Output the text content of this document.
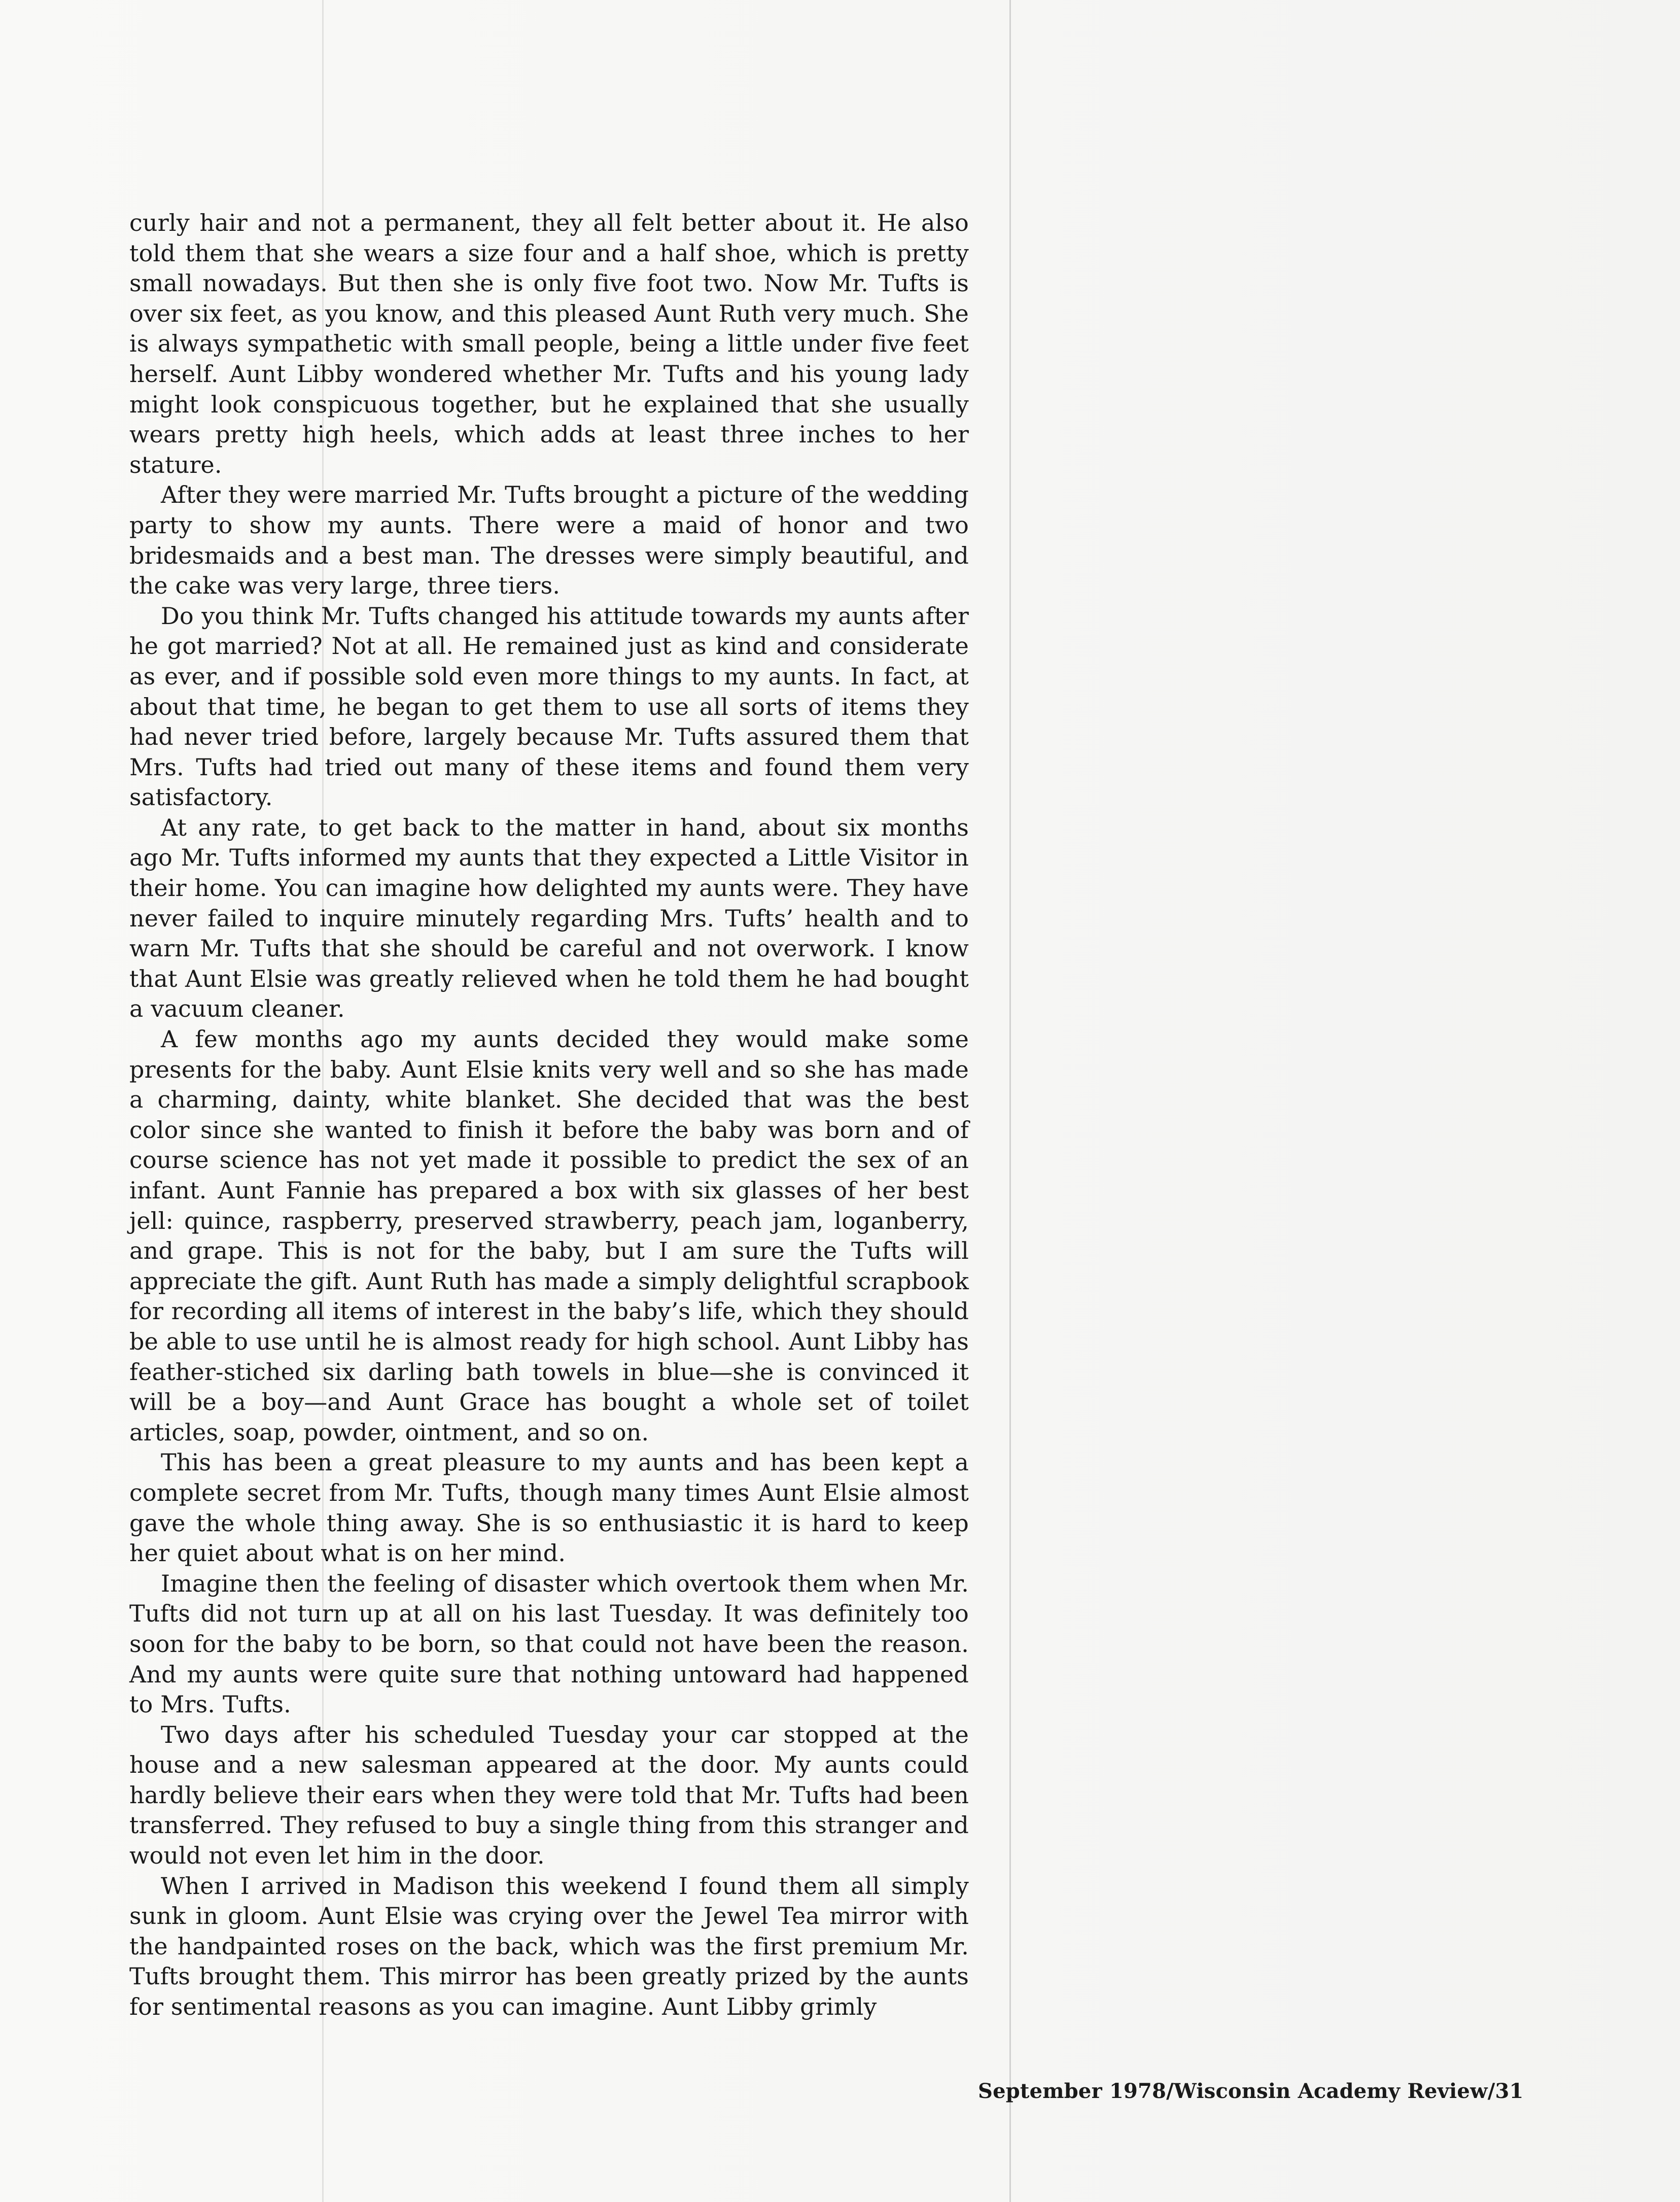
curly hair and not a permanent, they all felt better about it. He also told them that she wears a size four and a half shoe, which is pretty small nowadays. But then she is only five foot two. Now Mr. Tufts is over six feet, as you know, and this pleased Aunt Ruth very much. She is always sympathetic with small people, being a little under five feet herself. Aunt Libby wondered whether Mr. Tufts and his young lady might look conspicuous together, but he explained that she usually wears pretty high heels, which adds at least three inches to her stature.

After they were married Mr. Tufts brought a picture of the wedding party to show my aunts. There were a maid of honor and two bridesmaids and a best man. The dresses were simply beautiful, and the cake was very large, three tiers.

Do you think Mr. Tufts changed his attitude towards my aunts after he got married? Not at all. He remained just as kind and considerate as ever, and if possible sold even more things to my aunts. In fact, at about that time, he began to get them to use all sorts of items they had never tried before, largely because Mr. Tufts assured them that Mrs. Tufts had tried out many of these items and found them very satisfactory.

At any rate, to get back to the matter in hand, about six months ago Mr. Tufts informed my aunts that they expected a Little Visitor in their home. You can imagine how delighted my aunts were. They have never failed to inquire minutely regarding Mrs. Tufts’ health and to warn Mr. Tufts that she should be careful and not overwork. I know that Aunt Elsie was greatly relieved when he told them he had bought a vacuum cleaner.

A few months ago my aunts decided they would make some presents for the baby. Aunt Elsie knits very well and so she has made a charming, dainty, white blanket. She decided that was the best color since she wanted to finish it before the baby was born and of course science has not yet made it possible to predict the sex of an infant. Aunt Fannie has prepared a box with six glasses of her best jell: quince, raspberry, preserved strawberry, peach jam, loganberry, and grape. This is not for the baby, but I am sure the Tufts will appreciate the gift. Aunt Ruth has made a simply delightful scrapbook for recording all items of interest in the baby’s life, which they should be able to use until he is almost ready for high school. Aunt Libby has feather-stiched six darling bath towels in blue—she is convinced it will be a boy—and Aunt Grace has bought a whole set of toilet articles, soap, powder, ointment, and so on.

This has been a great pleasure to my aunts and has been kept a complete secret from Mr. Tufts, though many times Aunt Elsie almost gave the whole thing away. She is so enthusiastic it is hard to keep her quiet about what is on her mind.

Imagine then the feeling of disaster which overtook them when Mr. Tufts did not turn up at all on his last Tuesday. It was definitely too soon for the baby to be born, so that could not have been the reason. And my aunts were quite sure that nothing untoward had happened to Mrs. Tufts.

Two days after his scheduled Tuesday your car stopped at the house and a new salesman appeared at the door. My aunts could hardly believe their ears when they were told that Mr. Tufts had been transferred. They refused to buy a single thing from this stranger and would not even let him in the door.

When I arrived in Madison this weekend I found them all simply sunk in gloom. Aunt Elsie was crying over the Jewel Tea mirror with the handpainted roses on the back, which was the first premium Mr. Tufts brought them. This mirror has been greatly prized by the aunts for sentimental reasons as you can imagine. Aunt Libby grimly

September 1978/Wisconsin Academy Review/31
